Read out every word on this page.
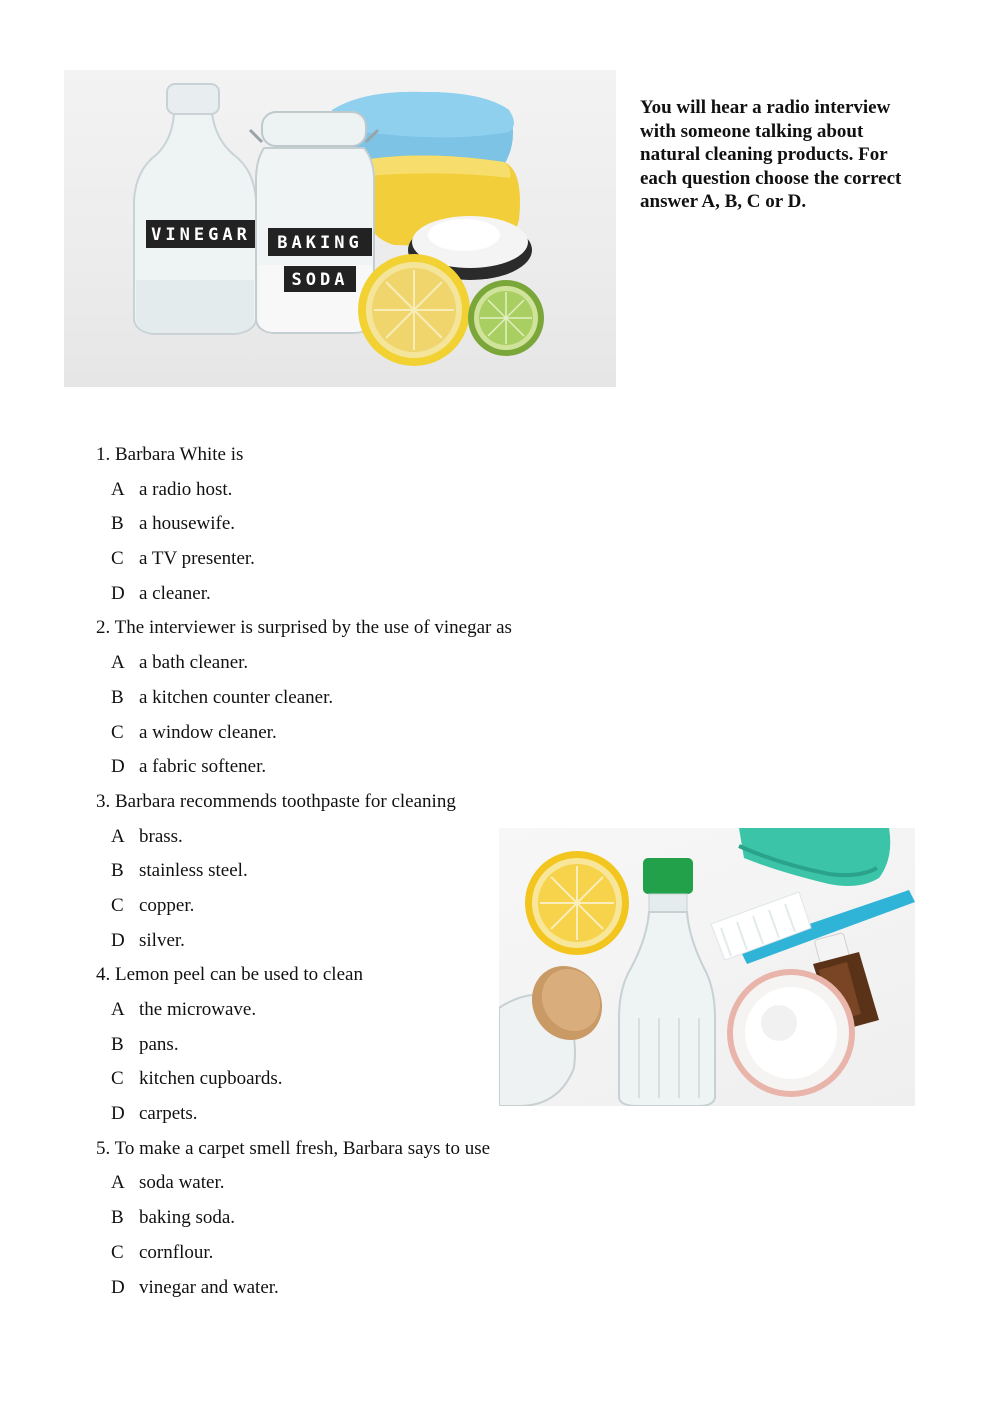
VINEGAR BAKING
SODA
You will hear a radio interview with someone talking about natural cleaning products. For each question choose the correct answer A, B, C or D.
1. Barbara White is
A a radio host.
B a housewife.
C a TV presenter.
D a cleaner.
2. The interviewer is surprised by the use of vinegar as
A a bath cleaner.
B a kitchen counter cleaner.
C a window cleaner.
D a fabric softener.
3. Barbara recommends toothpaste for cleaning
A brass.
B stainless steel.
C copper.
D silver.
4. Lemon peel can be used to clean
A the microwave.
B pans.
C kitchen cupboards.
D carpets.
5. To make a carpet smell fresh, Barbara says to use
A soda water.
B baking soda.
C cornflour.
D vinegar and water.
